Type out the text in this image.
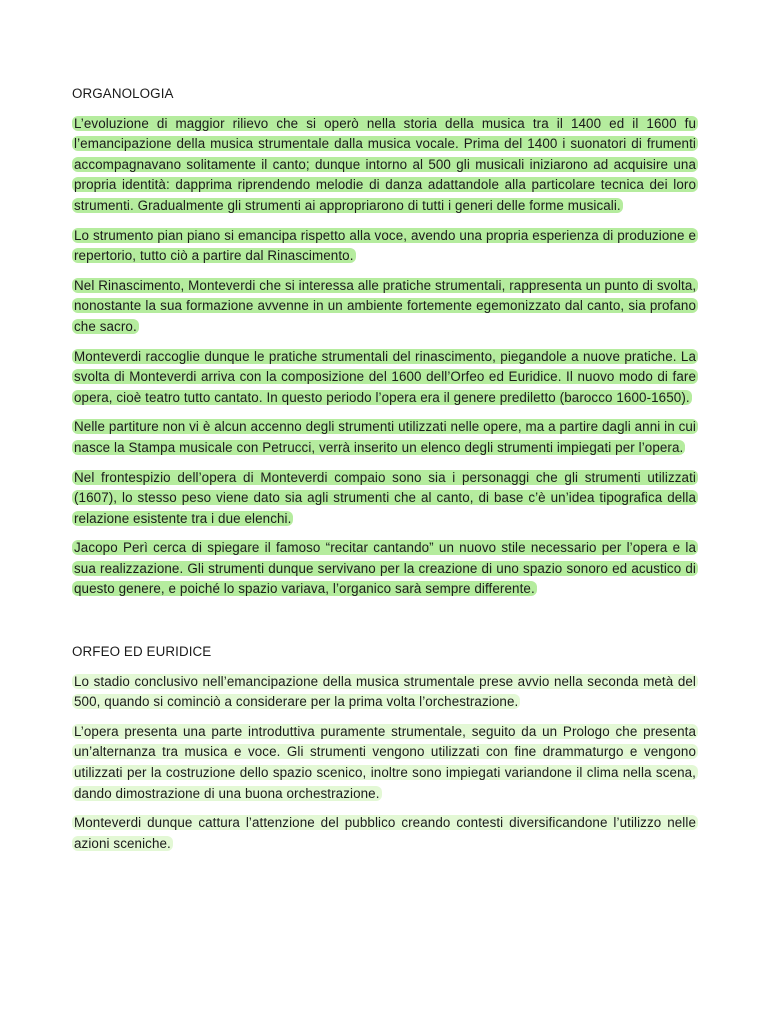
ORGANOLOGIA

L’evoluzione di maggior rilievo che si operò nella storia della musica tra il 1400 ed il 1600 fu l’emancipazione della musica strumentale dalla musica vocale. Prima del 1400 i suonatori di frumenti accompagnavano solitamente il canto; dunque intorno al 500 gli musicali iniziarono ad acquisire una propria identità: dapprima riprendendo melodie di danza adattandole alla particolare tecnica dei loro strumenti. Gradualmente gli strumenti ai appropriarono di tutti i generi delle forme musicali.

Lo strumento pian piano si emancipa rispetto alla voce, avendo una propria esperienza di produzione e repertorio, tutto ciò a partire dal Rinascimento.

Nel Rinascimento, Monteverdi che si interessa alle pratiche strumentali, rappresenta un punto di svolta, nonostante la sua formazione avvenne in un ambiente fortemente egemonizzato dal canto, sia profano che sacro.

Monteverdi raccoglie dunque le pratiche strumentali del rinascimento, piegandole a nuove pratiche. La svolta di Monteverdi arriva con la composizione del 1600 dell’Orfeo ed Euridice. Il nuovo modo di fare opera, cioè teatro tutto cantato. In questo periodo l’opera era il genere prediletto (barocco 1600-1650).

Nelle partiture non vi è alcun accenno degli strumenti utilizzati nelle opere, ma a partire dagli anni in cui nasce la Stampa musicale con Petrucci, verrà inserito un elenco degli strumenti impiegati per l’opera.

Nel frontespizio dell’opera di Monteverdi compaio sono sia i personaggi che gli strumenti utilizzati (1607), lo stesso peso viene dato sia agli strumenti che al canto, di base c’è un’idea tipografica della relazione esistente tra i due elenchi.

Jacopo Perì cerca di spiegare il famoso “recitar cantando” un nuovo stile necessario per l’opera e la sua realizzazione. Gli strumenti dunque servivano per la creazione di uno spazio sonoro ed acustico di questo genere, e poiché lo spazio variava, l’organico sarà sempre differente.

ORFEO ED EURIDICE

Lo stadio conclusivo nell’emancipazione della musica strumentale prese avvio nella seconda metà del 500, quando si cominciò a considerare per la prima volta l’orchestrazione.

L’opera presenta una parte introduttiva puramente strumentale, seguito da un Prologo che presenta un’alternanza tra musica e voce. Gli strumenti vengono utilizzati con fine drammaturgo e vengono utilizzati per la costruzione dello spazio scenico, inoltre sono impiegati variandone il clima nella scena, dando dimostrazione di una buona orchestrazione.

Monteverdi dunque cattura l’attenzione del pubblico creando contesti diversificandone l’utilizzo nelle azioni sceniche.
